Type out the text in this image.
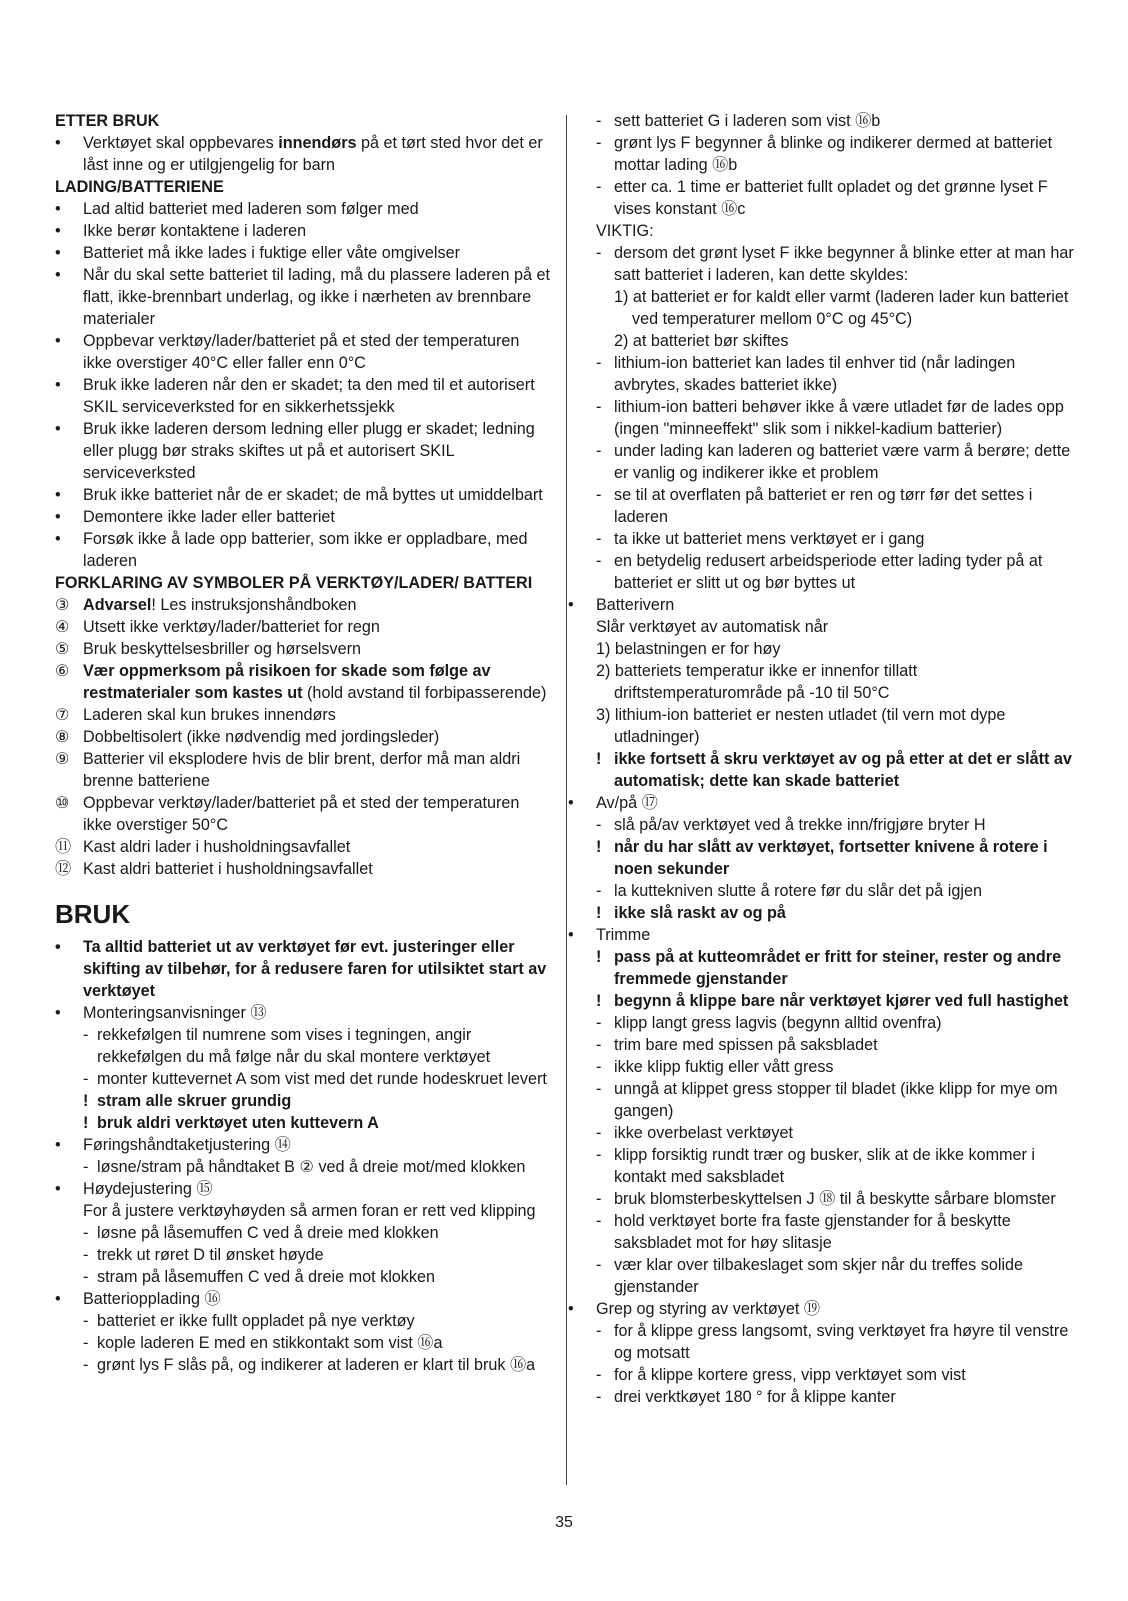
ETTER BRUK
• Verktøyet skal oppbevares innendørs på et tørt sted hvor det er låst inne og er utilgjengelig for barn
LADING/BATTERIENE
• Lad altid batteriet med laderen som følger med
• Ikke berør kontaktene i laderen
• Batteriet må ikke lades i fuktige eller våte omgivelser
• Når du skal sette batteriet til lading, må du plassere laderen på et flatt, ikke-brennbart underlag, og ikke i nærheten av brennbare materialer
• Oppbevar verktøy/lader/batteriet på et sted der temperaturen ikke overstiger 40°C eller faller enn 0°C
• Bruk ikke laderen når den er skadet; ta den med til et autorisert SKIL serviceverksted for en sikkerhetssjekk
• Bruk ikke laderen dersom ledning eller plugg er skadet; ledning eller plugg bør straks skiftes ut på et autorisert SKIL serviceverksted
• Bruk ikke batteriet når de er skadet; de må byttes ut umiddelbart
• Demontere ikke lader eller batteriet
• Forsøk ikke å lade opp batterier, som ikke er oppladbare, med laderen
FORKLARING AV SYMBOLER PÅ VERKTØY/LADER/ BATTERI
③ Advarsel! Les instruksjonshåndboken
④ Utsett ikke verktøy/lader/batteriet for regn
⑤ Bruk beskyttelsesbriller og hørselsvern
⑥ Vær oppmerksom på risikoen for skade som følge av restmaterialer som kastes ut (hold avstand til forbipasserende)
⑦ Laderen skal kun brukes innendørs
⑧ Dobbeltisolert (ikke nødvendig med jordingsleder)
⑨ Batterier vil eksplodere hvis de blir brent, derfor må man aldri brenne batteriene
⑩ Oppbevar verktøy/lader/batteriet på et sted der temperaturen ikke overstiger 50°C
⑪ Kast aldri lader i husholdningsavfallet
⑫ Kast aldri batteriet i husholdningsavfallet
BRUK
• Ta alltid batteriet ut av verktøyet før evt. justeringer eller skifting av tilbehør, for å redusere faren for utilsiktet start av verktøyet
• Monteringsanvisninger ⑬
- rekkefølgen til numrene som vises i tegningen, angir rekkefølgen du må følge når du skal montere verktøyet
- monter kuttevernet A som vist med det runde hodeskruet levert
! stram alle skruer grundig
! bruk aldri verktøyet uten kuttevern A
• Føringshåndtaketjustering ⑭
- løsne/stram på håndtaket B ② ved å dreie mot/med klokken
• Høydejustering ⑮
For å justere verktøyhøyden så armen foran er rett ved klipping
- løsne på låsemuffen C ved å dreie med klokken
- trekk ut røret D til ønsket høyde
- stram på låsemuffen C ved å dreie mot klokken
• Batteriopplading ⑯
- batteriet er ikke fullt oppladet på nye verktøy
- kople laderen E med en stikkontakt som vist ⑯a
- grønt lys F slås på, og indikerer at laderen er klart til bruk ⑯a
- sett batteriet G i laderen som vist ⑯b
- grønt lys F begynner å blinke og indikerer dermed at batteriet mottar lading ⑯b
- etter ca. 1 time er batteriet fullt opladet og det grønne lyset F vises konstant ⑯c
VIKTIG:
- dersom det grønt lyset F ikke begynner å blinke etter at man har satt batteriet i laderen, kan dette skyldes:
1) at batteriet er for kaldt eller varmt (laderen lader kun batteriet ved temperaturer mellom 0°C og 45°C)
2) at batteriet bør skiftes
- lithium-ion batteriet kan lades til enhver tid (når ladingen avbrytes, skades batteriet ikke)
- lithium-ion batteri behøver ikke å være utladet før de lades opp (ingen "minneeffekt" slik som i nikkel-kadium batterier)
- under lading kan laderen og batteriet være varm å berøre; dette er vanlig og indikerer ikke et problem
- se til at overflaten på batteriet er ren og tørr før det settes i laderen
- ta ikke ut batteriet mens verktøyet er i gang
- en betydelig redusert arbeidsperiode etter lading tyder på at batteriet er slitt ut og bør byttes ut
• Batterivern
Slår verktøyet av automatisk når
1) belastningen er for høy
2) batteriets temperatur ikke er innenfor tillatt driftstemperaturområde på -10 til 50°C
3) lithium-ion batteriet er nesten utladet (til vern mot dype utladninger)
! ikke fortsett å skru verktøyet av og på etter at det er slått av automatisk; dette kan skade batteriet
• Av/på ⑰
- slå på/av verktøyet ved å trekke inn/frigjøre bryter H
! når du har slått av verktøyet, fortsetter knivene å rotere i noen sekunder
- la kuttekniven slutte å rotere før du slår det på igjen
! ikke slå raskt av og på
• Trimme
! pass på at kutteområdet er fritt for steiner, rester og andre fremmede gjenstander
! begynn å klippe bare når verktøyet kjører ved full hastighet
- klipp langt gress lagvis (begynn alltid ovenfra)
- trim bare med spissen på saksbladet
- ikke klipp fuktig eller vått gress
- unngå at klippet gress stopper til bladet (ikke klipp for mye om gangen)
- ikke overbelast verktøyet
- klipp forsiktig rundt trær og busker, slik at de ikke kommer i kontakt med saksbladet
- bruk blomsterbeskyttelsen J ⑱ til å beskytte sårbare blomster
- hold verktøyet borte fra faste gjenstander for å beskytte saksbladet mot for høy slitasje
- vær klar over tilbakeslaget som skjer når du treffes solide gjenstander
• Grep og styring av verktøyet ⑲
- for å klippe gress langsomt, sving verktøyet fra høyre til venstre og motsatt
- for å klippe kortere gress, vipp verktøyet som vist
- drei verktkøyet 180 ° for å klippe kanter
35
